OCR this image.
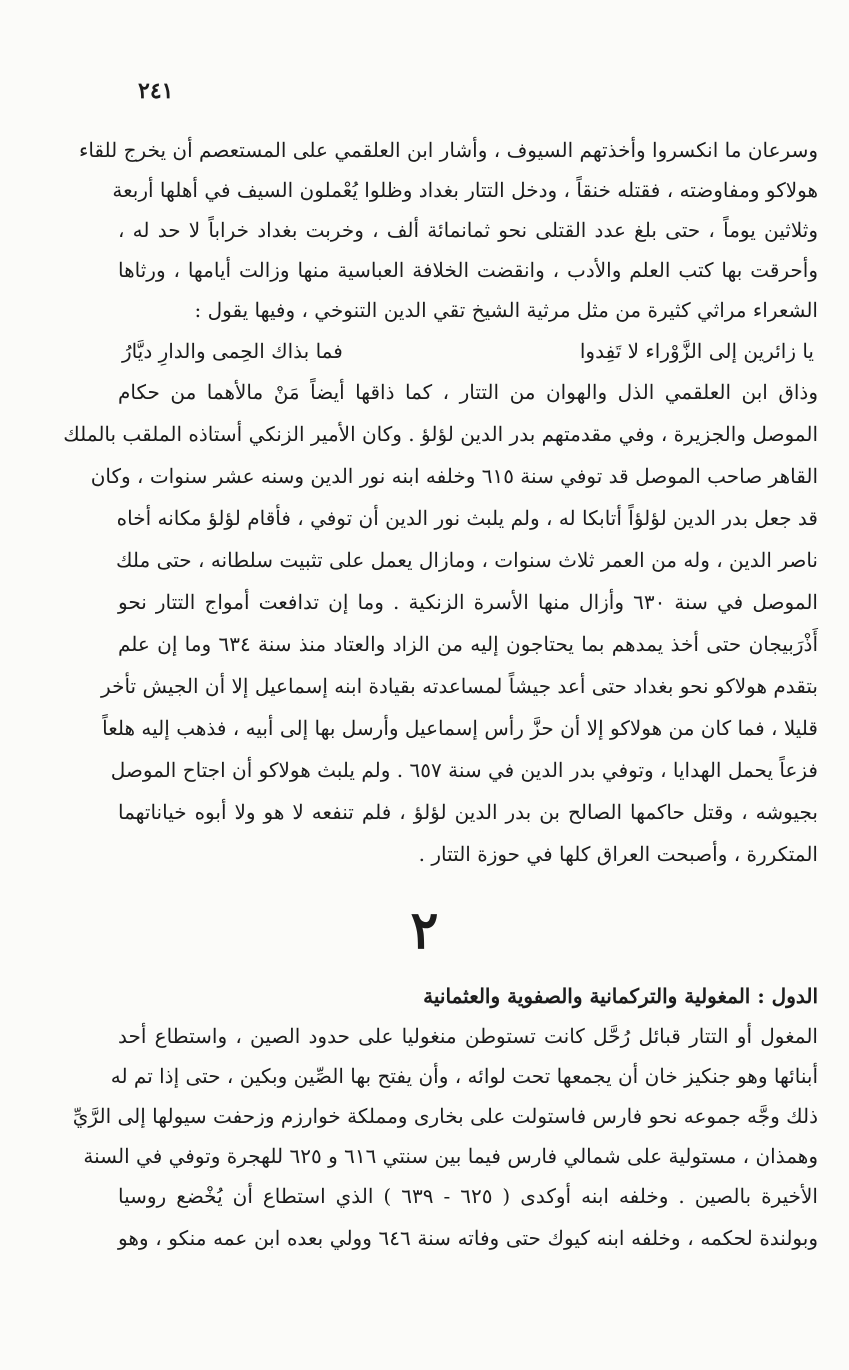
٢٤١
وسرعان ما انكسروا وأخذتهم السيوف ، وأشار ابن العلقمي على المستعصم أن يخرج للقاء
هولاكو ومفاوضته ، فقتله خنقاً ، ودخل التتار بغداد وظلوا يُعْملون السيف في أهلها أربعة
وثلاثين يوماً ، حتى بلغ عدد القتلى نحو ثمانمائة ألف ، وخربت بغداد خراباً لا حد له ،
وأحرقت بها كتب العلم والأدب ، وانقضت الخلافة العباسية منها وزالت أيامها ، ورثاها
الشعراء مراثي كثيرة من مثل مرثية الشيخ تقي الدين التنوخي ، وفيها يقول :
يا زائرين إلى الزَّوْراء لا تَفِدوا
فما بذاك الحِمى والدارِ ديَّارُ
وذاق ابن العلقمي الذل والهوان من التتار ، كما ذاقها أيضاً مَنْ مالأهما من حكام
الموصل والجزيرة ، وفي مقدمتهم بدر الدين لؤلؤ . وكان الأمير الزنكي أستاذه الملقب بالملك
القاهر صاحب الموصل قد توفي سنة ٦١٥ وخلفه ابنه نور الدين وسنه عشر سنوات ، وكان
قد جعل بدر الدين لؤلؤاً أتابكا له ، ولم يلبث نور الدين أن توفي ، فأقام لؤلؤ مكانه أخاه
ناصر الدين ، وله من العمر ثلاث سنوات ، ومازال يعمل على تثبيت سلطانه ، حتى ملك
الموصل في سنة ٦٣٠ وأزال منها الأسرة الزنكية . وما إن تدافعت أمواج التتار نحو
أَذْرَبيجان حتى أخذ يمدهم بما يحتاجون إليه من الزاد والعتاد منذ سنة ٦٣٤ وما إن علم
بتقدم هولاكو نحو بغداد حتى أعد جيشاً لمساعدته بقيادة ابنه إسماعيل إلا أن الجيش تأخر
قليلا ، فما كان من هولاكو إلا أن حزَّ رأس إسماعيل وأرسل بها إلى أبيه ، فذهب إليه هلعاً
فزعاً يحمل الهدايا ، وتوفي بدر الدين في سنة ٦٥٧ . ولم يلبث هولاكو أن اجتاح الموصل
بجيوشه ، وقتل حاكمها الصالح بن بدر الدين لؤلؤ ، فلم تنفعه لا هو ولا أبوه خياناتهما
المتكررة ، وأصبحت العراق كلها في حوزة التتار .
٢
الدول : المغولية والتركمانية والصفوية والعثمانية
المغول أو التتار قبائل رُحَّل كانت تستوطن منغوليا على حدود الصين ، واستطاع أحد
أبنائها وهو جنكيز خان أن يجمعها تحت لوائه ، وأن يفتح بها الصِّين وبكين ، حتى إذا تم له
ذلك وجَّه جموعه نحو فارس فاستولت على بخارى ومملكة خوارزم وزحفت سيولها إلى الرَّيِّ
وهمذان ، مستولية على شمالي فارس فيما بين سنتي ٦١٦ و ٦٢٥ للهجرة وتوفي في السنة
الأخيرة بالصين . وخلفه ابنه أوكدى ( ٦٢٥ - ٦٣٩ ) الذي استطاع أن يُخْضع روسيا
وبولندة لحكمه ، وخلفه ابنه كيوك حتى وفاته سنة ٦٤٦ وولي بعده ابن عمه منكو ، وهو
